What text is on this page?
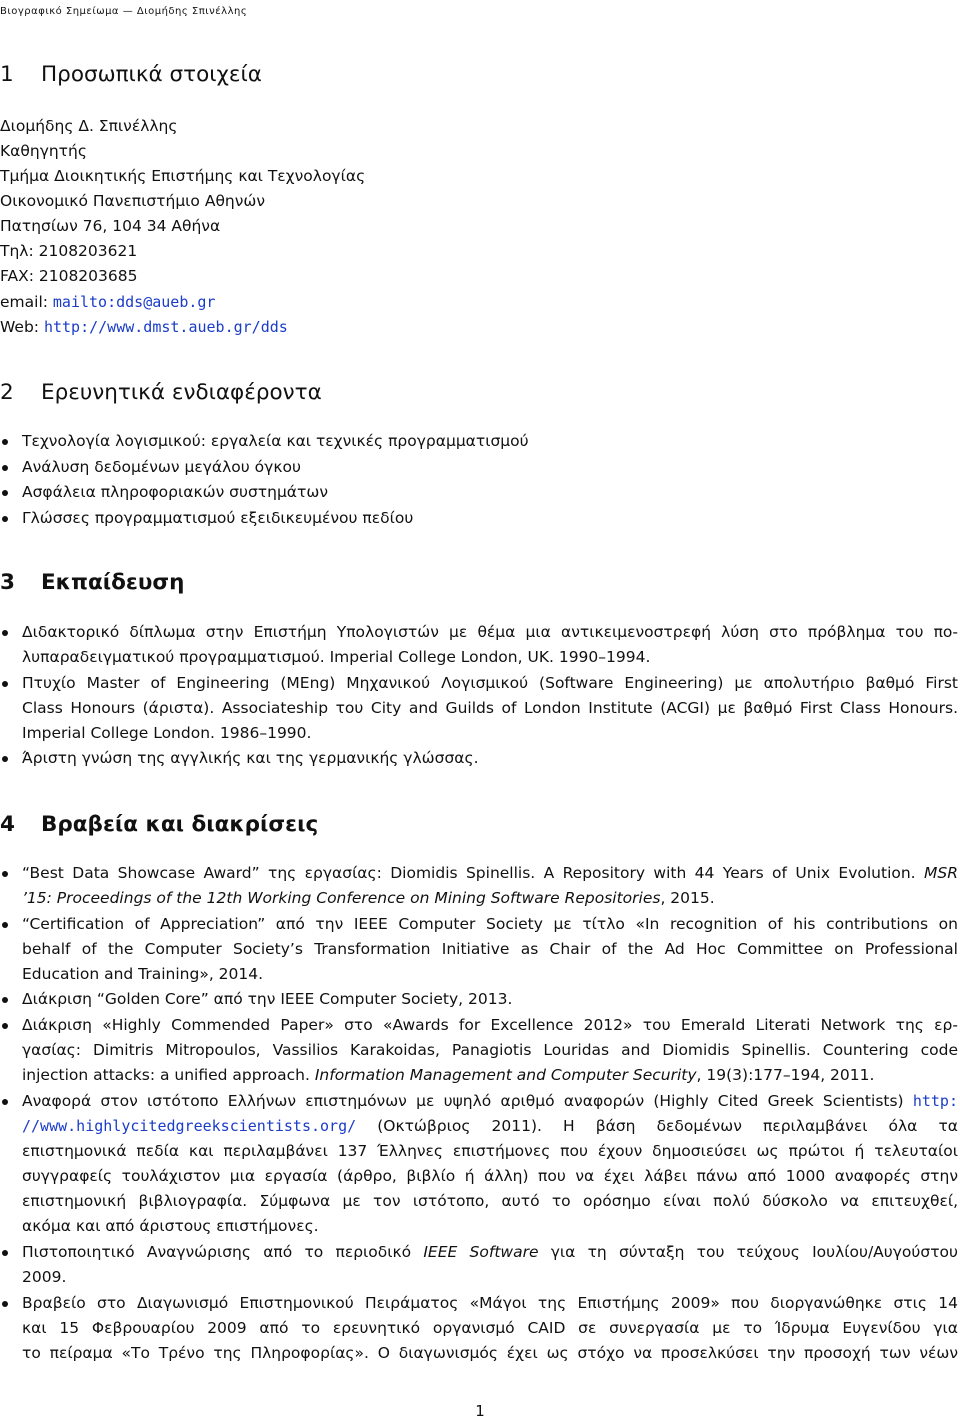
Βιογραφικό Σημείωμα — Διομήδης Σπινέλλης
1 Προσωπικά στοιχεία
Διομήδης Δ. Σπινέλλης
Καθηγητής
Τμήμα Διοικητικής Επιστήμης και Τεχνολογίας
Οικονομικό Πανεπιστήμιο Αθηνών
Πατησίων 76, 104 34 Αθήνα
Τηλ: 2108203621
FAX: 2108203685
email: mailto:dds@aueb.gr
Web: http://www.dmst.aueb.gr/dds
2 Ερευνητικά ενδιαφέροντα
Τεχνολογία λογισμικού: εργαλεία και τεχνικές προγραμματισμού
Ανάλυση δεδομένων μεγάλου όγκου
Ασφάλεια πληροφοριακών συστημάτων
Γλώσσες προγραμματισμού εξειδικευμένου πεδίου
3 Εκπαίδευση
Διδακτορικό δίπλωμα στην Επιστήμη Υπολογιστών με θέμα μια αντικειμενοστρεφή λύση στο πρόβλημα του πο-
λυπαραδειγματικού προγραμματισμού. Imperial College London, UK. 1990–1994.
Πτυχίο Master of Engineering (MEng) Μηχανικού Λογισμικού (Software Engineering) με απολυτήριο βαθμό First
Class Honours (άριστα). Associateship του City and Guilds of London Institute (ACGI) με βαθμό First Class Honours.
Imperial College London. 1986–1990.
Άριστη γνώση της αγγλικής και της γερμανικής γλώσσας.
4 Βραβεία και διακρίσεις
“Best Data Showcase Award” της εργασίας: Diomidis Spinellis. A Repository with 44 Years of Unix Evolution. MSR
’15: Proceedings of the 12th Working Conference on Mining Software Repositories, 2015.
“Certification of Appreciation” από την IEEE Computer Society με τίτλο «In recognition of his contributions on
behalf of the Computer Society’s Transformation Initiative as Chair of the Ad Hoc Committee on Professional
Education and Training», 2014.
Διάκριση “Golden Core” από την IEEE Computer Society, 2013.
Διάκριση «Highly Commended Paper» στο «Awards for Excellence 2012» του Emerald Literati Network της ερ-
γασίας: Dimitris Mitropoulos, Vassilios Karakoidas, Panagiotis Louridas and Diomidis Spinellis. Countering code
injection attacks: a unified approach. Information Management and Computer Security, 19(3):177–194, 2011.
Αναφορά στον ιστότοπο Ελλήνων επιστημόνων με υψηλό αριθμό αναφορών (Highly Cited Greek Scientists) http:
//www.highlycitedgreekscientists.org/ (Οκτώβριος 2011). Η βάση δεδομένων περιλαμβάνει όλα τα
επιστημονικά πεδία και περιλαμβάνει 137 Έλληνες επιστήμονες που έχουν δημοσιεύσει ως πρώτοι ή τελευταίοι
συγγραφείς τουλάχιστον μια εργασία (άρθρο, βιβλίο ή άλλη) που να έχει λάβει πάνω από 1000 αναφορές στην
επιστημονική βιβλιογραφία. Σύμφωνα με τον ιστότοπο, αυτό το ορόσημο είναι πολύ δύσκολο να επιτευχθεί,
ακόμα και από άριστους επιστήμονες.
Πιστοποιητικό Αναγνώρισης από το περιοδικό IEEE Software για τη σύνταξη του τεύχους Ιουλίου/Αυγούστου
2009.
Βραβείο στο Διαγωνισμό Επιστημονικού Πειράματος «Μάγοι της Επιστήμης 2009» που διοργανώθηκε στις 14
και 15 Φεβρουαρίου 2009 από το ερευνητικό οργανισμό CAID σε συνεργασία με το Ίδρυμα Ευγενίδου για
το πείραμα «Το Τρένο της Πληροφορίας». Ο διαγωνισμός έχει ως στόχο να προσελκύσει την προσοχή των νέων
1
